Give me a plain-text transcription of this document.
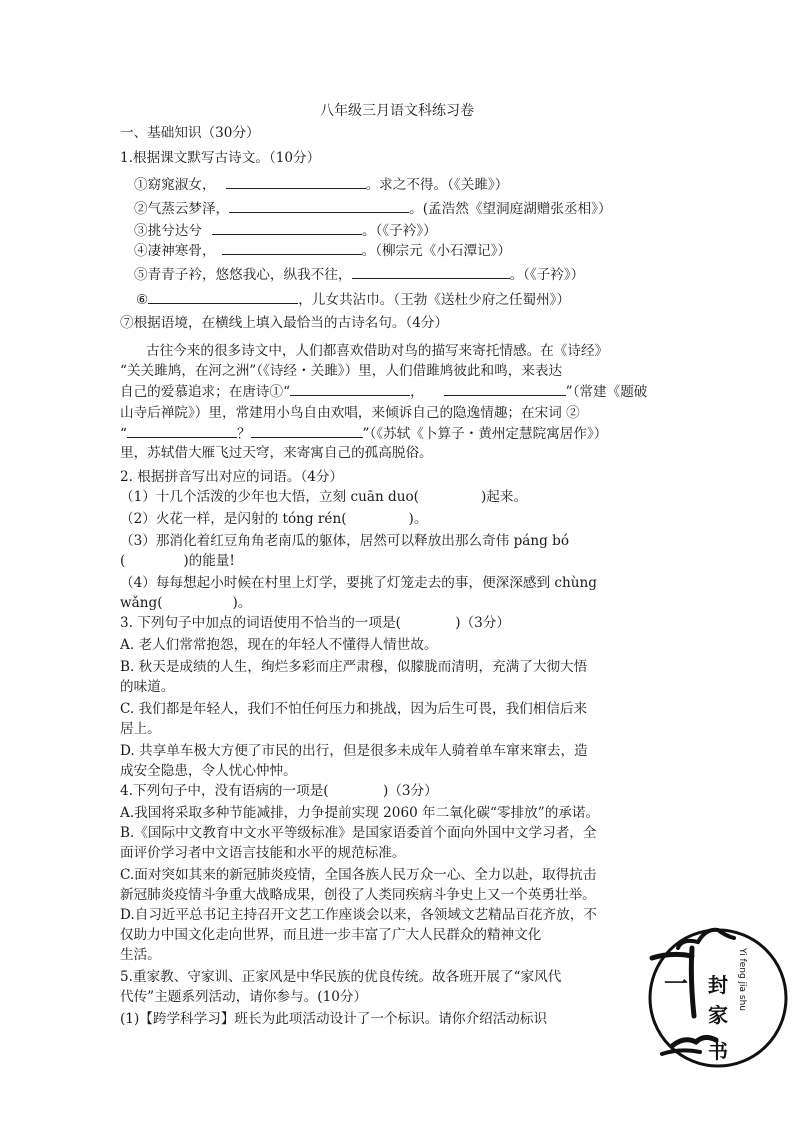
八年级三月语文科练习卷
一、基础知识（30分）
1.根据课文默写古诗文。（10分）
①窈窕淑女，	。求之不得。（《关雎》）
②气蒸云梦泽，	。(孟浩然《望洞庭湖赠张丞相》）
③挑兮达兮	。（《子衿》）
④凄神寒骨，	。（柳宗元《小石潭记》）
⑤青青子衿，悠悠我心，纵我不往，	。（《子衿》）
⑥	，儿女共沾巾。（王勃《送杜少府之任蜀州》）
⑦根据语境，在横线上填入最恰当的古诗名句。（4分）
古往今来的很多诗文中，人们都喜欢借助对鸟的描写来寄托情感。在《诗经》
“关关雎鸠，在河之洲”（《诗经・关雎》）里，人们借雎鸠彼此和鸣，来表达
自己的爱慕追求；在唐诗①“	，	”（常建《题破
山寺后禅院》）里，常建用小鸟自由欢唱，来倾诉自己的隐逸情趣；在宋词 ②
“	？	”（《苏轼《卜算子・黄州定慧院寓居作》）
里，苏轼借大雁飞过天穹，来寄寓自己的孤高脱俗。
2. 根据拼音写出对应的词语。（4分）
（1）十几个活泼的少年也大悟，立刻 cuān duo(	)起来。
（2）火花一样，是闪射的 tóng rén(	)。
（3）那消化着红豆角角老南瓜的躯体，居然可以释放出那么奇伟 páng bó
(	)的能量!
（4）每每想起小时候在村里上灯学，要挑了灯笼走去的事，便深深感到 chùng
wǎng(	)。
3. 下列句子中加点的词语使用不恰当的一项是(　　　　)（3分）
A. 老人们常常抱怨，现在的年轻人不懂得人情世故。
B. 秋天是成绩的人生，绚烂多彩而庄严肃穆，似朦胧而清明，充满了大彻大悟
的味道。
C. 我们都是年轻人，我们不怕任何压力和挑战，因为后生可畏，我们相信后来
居上。
D. 共享单车极大方便了市民的出行，但是很多未成年人骑着单车窜来窜去，造
成安全隐患，令人忧心忡忡。
4.下列句子中，没有语病的一项是(　　　　)（3分）
A.我国将采取多种节能减排，力争提前实现 2060 年二氧化碳“零排放”的承诺。
B.《国际中文教育中文水平等级标准》是国家语委首个面向外国中文学习者，全
面评价学习者中文语言技能和水平的规范标准。
C.面对突如其来的新冠肺炎疫情，全国各族人民万众一心、全力以赴，取得抗击
新冠肺炎疫情斗争重大战略成果，创役了人类同疾病斗争史上又一个英勇壮举。
D.自习近平总书记主持召开文艺工作座谈会以来，各领域文艺精品百花齐放，不
仅助力中国文化走向世界，而且进一步丰富了广大人民群众的精神文化
生活。
5.重家教、守家训、正家风是中华民族的优良传统。故各班开展了“家风代
代传”主题系列活动，请你参与。(10分）
(1)【跨学科学习】班长为此项活动设计了一个标识。请你介绍活动标识
一 封
家
书
Yi feng jia shu
